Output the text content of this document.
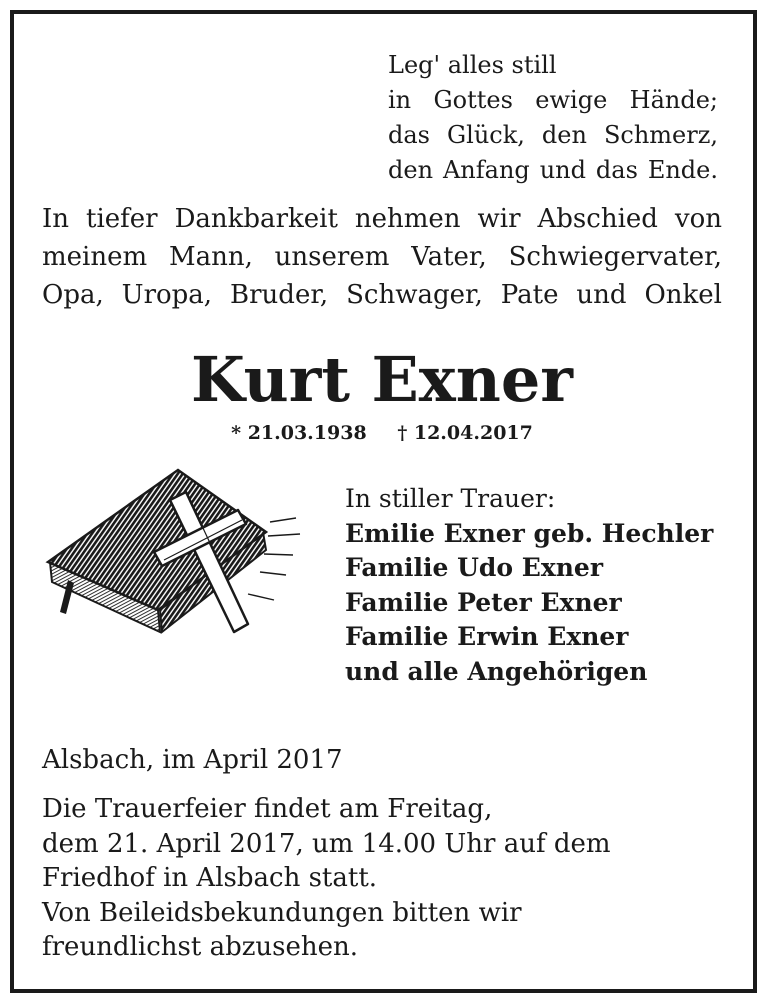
Leg' alles still
in Gottes ewige Hände;
das Glück, den Schmerz,
den Anfang und das Ende.
In tiefer Dankbarkeit nehmen wir Abschied von
meinem Mann, unserem Vater, Schwiegervater,
Opa, Uropa, Bruder, Schwager, Pate und Onkel
Kurt Exner
* 21.03.1938 † 12.04.2017
In stiller Trauer:
Emilie Exner geb. Hechler
Familie Udo Exner
Familie Peter Exner
Familie Erwin Exner
und alle Angehörigen
Alsbach, im April 2017
Die Trauerfeier findet am Freitag,
dem 21. April 2017, um 14.00 Uhr auf dem
Friedhof in Alsbach statt.
Von Beileidsbekundungen bitten wir
freundlichst abzusehen.
